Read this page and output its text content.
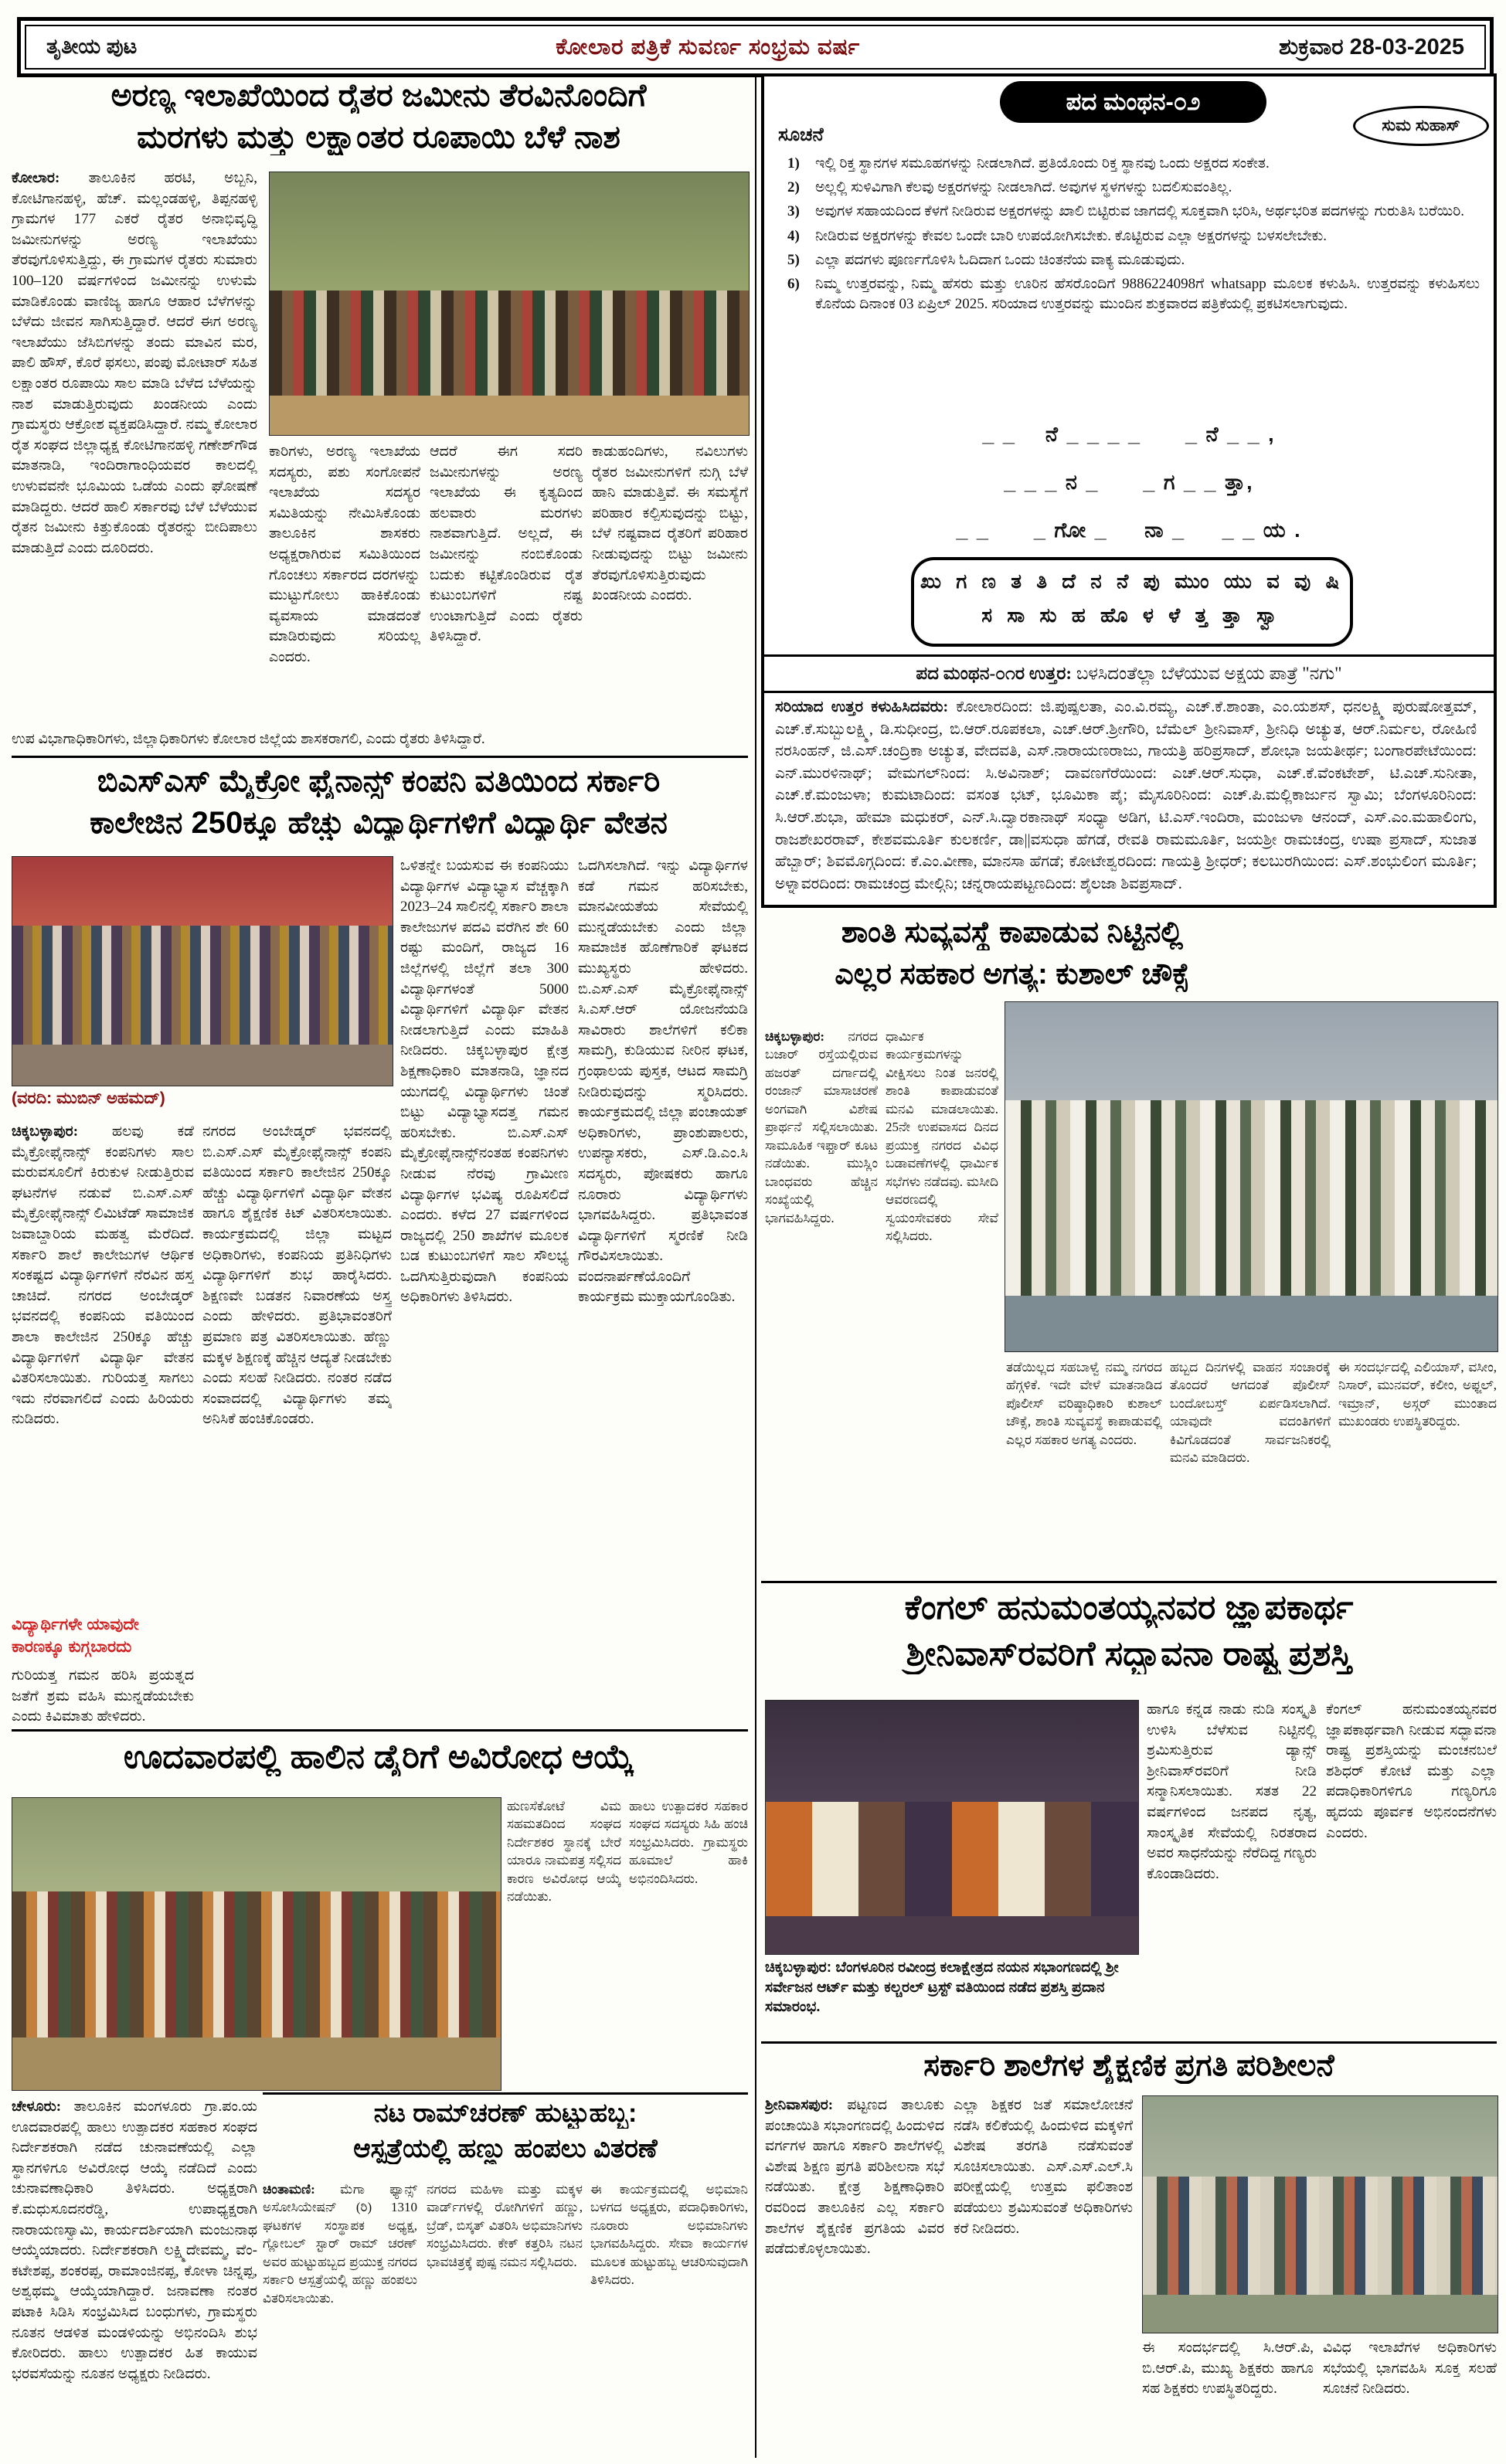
ತೃತೀಯ ಪುಟ	ಕೋಲಾರ ಪತ್ರಿಕೆ ಸುವರ್ಣ ಸಂಭ್ರಮ ವರ್ಷ	ಶುಕ್ರವಾರ 28-03-2025
ಅರಣ್ಯ ಇಲಾಖೆಯಿಂದ ರೈತರ ಜಮೀನು ತೆರವಿನೊಂದಿಗೆ
ಮರಗಳು ಮತ್ತು ಲಕ್ಷಾಂತರ ರೂಪಾಯಿ ಬೆಳೆ ನಾಶ
ಕೋಲಾರ: ತಾಲೂಕಿನ ಹರಟಿ, ಅಬ್ಬನಿ, ಕೋಟಿಗಾನಹಳ್ಳಿ, ಹೆಚ್. ಮಲ್ಲಂಡಹಳ್ಳಿ, ತಿಪ್ಪನಹಳ್ಳಿ ಗ್ರಾಮಗಳ 177 ಎಕರೆ ರೈತರ ಅನಾಭಿವೃದ್ಧಿ ಜಮೀನುಗಳನ್ನು ಅರಣ್ಯ ಇಲಾಖೆಯು ತೆರವುಗೊಳಿಸುತ್ತಿದ್ದು, ಈ ಗ್ರಾಮಗಳ ರೈತರು ಸುಮಾರು 100–120 ವರ್ಷಗಳಿಂದ ಜಮೀನನ್ನು ಉಳುಮೆ ಮಾಡಿಕೊಂಡು ವಾಣಿಜ್ಯ ಹಾಗೂ ಆಹಾರ ಬೆಳೆಗಳನ್ನು ಬೆಳೆದು ಜೀವನ ಸಾಗಿಸುತ್ತಿದ್ದಾರೆ. ಆದರೆ ಈಗ ಅರಣ್ಯ ಇಲಾಖೆಯು ಜೆಸಿಬಿಗಳನ್ನು ತಂದು ಮಾವಿನ ಮರ, ಪಾಲಿ ಹೌಸ್, ಕೊರೆ ಫಸಲು, ಪಂಪು ಮೋಟಾರ್ ಸಹಿತ ಲಕ್ಷಾಂತರ ರೂಪಾಯಿ ಸಾಲ ಮಾಡಿ ಬೆಳೆದ ಬೆಳೆಯನ್ನು ನಾಶ ಮಾಡುತ್ತಿರುವುದು ಖಂಡನೀಯ ಎಂದು ಗ್ರಾಮಸ್ಥರು ಆಕ್ರೋಶ ವ್ಯಕ್ತಪಡಿಸಿದ್ದಾರೆ. ನಮ್ಮ ಕೋಲಾರ ರೈತ ಸಂಘದ ಜಿಲ್ಲಾಧ್ಯಕ್ಷ ಕೋಟಿಗಾನಹಳ್ಳಿ ಗಣೇಶ್‌ಗೌಡ ಮಾತನಾಡಿ, ಇಂದಿರಾಗಾಂಧಿಯವರ ಕಾಲದಲ್ಲಿ ಉಳುವವನೇ ಭೂಮಿಯ ಒಡೆಯ ಎಂದು ಘೋಷಣೆ ಮಾಡಿದ್ದರು. ಆದರೆ ಹಾಲಿ ಸರ್ಕಾರವು ಬೆಳೆ ಬೆಳೆಯುವ ರೈತನ ಜಮೀನು ಕಿತ್ತುಕೊಂಡು ರೈತರನ್ನು ಬೀದಿಪಾಲು ಮಾಡುತ್ತಿದೆ ಎಂದು ದೂರಿದರು.
ಕಾರಿಗಳು, ಅರಣ್ಯ ಇಲಾಖೆಯ ಸದಸ್ಯರು, ಪಶು ಸಂಗೋಪನೆ ಇಲಾಖೆಯ ಸದಸ್ಯರ ಸಮಿತಿಯನ್ನು ನೇಮಿಸಿಕೊಂಡು ತಾಲೂಕಿನ ಶಾಸಕರು ಅಧ್ಯಕ್ಷರಾಗಿರುವ ಸಮಿತಿಯಿಂದ ಗೊಂಚಲು ಸರ್ಕಾರದ ದರಗಳನ್ನು ಮುಟ್ಟುಗೋಲು ಹಾಕಿಕೊಂಡು ವ್ಯವಸಾಯ ಮಾಡದಂತೆ ಮಾಡಿರುವುದು ಸರಿಯಲ್ಲ ಎಂದರು.
ಆದರೆ ಈಗ ಸದರಿ ಜಮೀನುಗಳನ್ನು ಅರಣ್ಯ ಇಲಾಖೆಯ ಈ ಕೃತ್ಯದಿಂದ ಹಲವಾರು ಮರಗಳು ನಾಶವಾಗುತ್ತಿದೆ. ಅಲ್ಲದೆ, ಈ ಜಮೀನನ್ನು ನಂಬಿಕೊಂಡು ಬದುಕು ಕಟ್ಟಿಕೊಂಡಿರುವ ರೈತ ಕುಟುಂಬಗಳಿಗೆ ನಷ್ಟ ಉಂಟಾಗುತ್ತಿದೆ ಎಂದು ರೈತರು ತಿಳಿಸಿದ್ದಾರೆ.
ಕಾಡುಹಂದಿಗಳು, ನವಿಲುಗಳು ರೈತರ ಜಮೀನುಗಳಿಗೆ ನುಗ್ಗಿ ಬೆಳೆ ಹಾನಿ ಮಾಡುತ್ತಿವೆ. ಈ ಸಮಸ್ಯೆಗೆ ಪರಿಹಾರ ಕಲ್ಪಿಸುವುದನ್ನು ಬಿಟ್ಟು, ಬೆಳೆ ನಷ್ಟವಾದ ರೈತರಿಗೆ ಪರಿಹಾರ ನೀಡುವುದನ್ನು ಬಿಟ್ಟು ಜಮೀನು ತೆರವುಗೊಳಿಸುತ್ತಿರುವುದು ಖಂಡನೀಯ ಎಂದರು.
ಉಪ ವಿಭಾಗಾಧಿಕಾರಿಗಳು, ಜಿಲ್ಲಾಧಿಕಾರಿಗಳು ಕೋಲಾರ ಜಿಲ್ಲೆಯ ಶಾಸಕರಾಗಲಿ, ಎಂದು ರೈತರು ತಿಳಿಸಿದ್ದಾರೆ.
ಬಿಎಸ್‌ಎಸ್ ಮೈಕ್ರೋ ಫೈನಾನ್ಸ್ ಕಂಪನಿ ವತಿಯಿಂದ ಸರ್ಕಾರಿ
ಕಾಲೇಜಿನ 250ಕ್ಕೂ ಹೆಚ್ಚು ವಿದ್ಯಾರ್ಥಿಗಳಿಗೆ ವಿದ್ಯಾರ್ಥಿ ವೇತನ
(ವರದಿ: ಮುಬಿನ್ ಅಹಮದ್)
ಚಿಕ್ಕಬಳ್ಳಾಪುರ: ಹಲವು ಕಡೆ ಮೈಕ್ರೋಫೈನಾನ್ಸ್ ಕಂಪನಿಗಳು ಸಾಲ ಮರುವಸೂಲಿಗೆ ಕಿರುಕುಳ ನೀಡುತ್ತಿರುವ ಘಟನೆಗಳ ನಡುವೆ ಬಿ.ಎಸ್.ಎಸ್ ಮೈಕ್ರೋಫೈನಾನ್ಸ್ ಲಿಮಿಟೆಡ್ ಸಾಮಾಜಿಕ ಜವಾಬ್ದಾರಿಯ ಮಹತ್ವ ಮೆರೆದಿದೆ. ಸರ್ಕಾರಿ ಶಾಲೆ ಕಾಲೇಜುಗಳ ಆರ್ಥಿಕ ಸಂಕಷ್ಟದ ವಿದ್ಯಾರ್ಥಿಗಳಿಗೆ ನೆರವಿನ ಹಸ್ತ ಚಾಚಿದೆ. ನಗರದ ಅಂಬೇಡ್ಕರ್ ಭವನದಲ್ಲಿ ಕಂಪನಿಯ ವತಿಯಿಂದ ಶಾಲಾ ಕಾಲೇಜಿನ 250ಕ್ಕೂ ಹೆಚ್ಚು ವಿದ್ಯಾರ್ಥಿಗಳಿಗೆ ವಿದ್ಯಾರ್ಥಿ ವೇತನ ವಿತರಿಸಲಾಯಿತು. ಗುರಿಯತ್ತ ಸಾಗಲು ಇದು ನೆರವಾಗಲಿದೆ ಎಂದು ಹಿರಿಯರು ನುಡಿದರು.
ನಗರದ ಅಂಬೇಡ್ಕರ್ ಭವನದಲ್ಲಿ ಬಿ.ಎಸ್.ಎಸ್ ಮೈಕ್ರೋಫೈನಾನ್ಸ್ ಕಂಪನಿ ವತಿಯಿಂದ ಸರ್ಕಾರಿ ಕಾಲೇಜಿನ 250ಕ್ಕೂ ಹೆಚ್ಚು ವಿದ್ಯಾರ್ಥಿಗಳಿಗೆ ವಿದ್ಯಾರ್ಥಿ ವೇತನ ಹಾಗೂ ಶೈಕ್ಷಣಿಕ ಕಿಟ್ ವಿತರಿಸಲಾಯಿತು. ಕಾರ್ಯಕ್ರಮದಲ್ಲಿ ಜಿಲ್ಲಾ ಮಟ್ಟದ ಅಧಿಕಾರಿಗಳು, ಕಂಪನಿಯ ಪ್ರತಿನಿಧಿಗಳು ವಿದ್ಯಾರ್ಥಿಗಳಿಗೆ ಶುಭ ಹಾರೈಸಿದರು. ಶಿಕ್ಷಣವೇ ಬಡತನ ನಿವಾರಣೆಯ ಅಸ್ತ್ರ ಎಂದು ಹೇಳಿದರು. ಪ್ರತಿಭಾವಂತರಿಗೆ ಪ್ರಮಾಣ ಪತ್ರ ವಿತರಿಸಲಾಯಿತು. ಹೆಣ್ಣು ಮಕ್ಕಳ ಶಿಕ್ಷಣಕ್ಕೆ ಹೆಚ್ಚಿನ ಆದ್ಯತೆ ನೀಡಬೇಕು ಎಂದು ಸಲಹೆ ನೀಡಿದರು. ನಂತರ ನಡೆದ ಸಂವಾದದಲ್ಲಿ ವಿದ್ಯಾರ್ಥಿಗಳು ತಮ್ಮ ಅನಿಸಿಕೆ ಹಂಚಿಕೊಂಡರು.
ಒಳಿತನ್ನೇ ಬಯಸುವ ಈ ಕಂಪನಿಯು ವಿದ್ಯಾರ್ಥಿಗಳ ವಿದ್ಯಾಭ್ಯಾಸ ವೆಚ್ಚಕ್ಕಾಗಿ 2023–24 ಸಾಲಿನಲ್ಲಿ ಸರ್ಕಾರಿ ಶಾಲಾ ಕಾಲೇಜುಗಳ ಪದವಿ ವರೆಗಿನ ಶೇ 60 ರಷ್ಟು ಮಂದಿಗೆ, ರಾಜ್ಯದ 16 ಜಿಲ್ಲೆಗಳಲ್ಲಿ ಜಿಲ್ಲೆಗೆ ತಲಾ 300 ವಿದ್ಯಾರ್ಥಿಗಳಂತೆ 5000 ವಿದ್ಯಾರ್ಥಿಗಳಿಗೆ ವಿದ್ಯಾರ್ಥಿ ವೇತನ ನೀಡಲಾಗುತ್ತಿದೆ ಎಂದು ಮಾಹಿತಿ ನೀಡಿದರು. ಚಿಕ್ಕಬಳ್ಳಾಪುರ ಕ್ಷೇತ್ರ ಶಿಕ್ಷಣಾಧಿಕಾರಿ ಮಾತನಾಡಿ, ಜ್ಞಾನದ ಯುಗದಲ್ಲಿ ವಿದ್ಯಾರ್ಥಿಗಳು ಚಿಂತೆ ಬಿಟ್ಟು ವಿದ್ಯಾಭ್ಯಾಸದತ್ತ ಗಮನ ಹರಿಸಬೇಕು. ಬಿ.ಎಸ್.ಎಸ್ ಮೈಕ್ರೋಫೈನಾನ್ಸ್‌ನಂತಹ ಕಂಪನಿಗಳು ನೀಡುವ ನೆರವು ಗ್ರಾಮೀಣ ವಿದ್ಯಾರ್ಥಿಗಳ ಭವಿಷ್ಯ ರೂಪಿಸಲಿದೆ ಎಂದರು. ಕಳೆದ 27 ವರ್ಷಗಳಿಂದ ರಾಜ್ಯದಲ್ಲಿ 250 ಶಾಖೆಗಳ ಮೂಲಕ ಬಡ ಕುಟುಂಬಗಳಿಗೆ ಸಾಲ ಸೌಲಭ್ಯ ಒದಗಿಸುತ್ತಿರುವುದಾಗಿ ಕಂಪನಿಯ ಅಧಿಕಾರಿಗಳು ತಿಳಿಸಿದರು.
ಒದಗಿಸಲಾಗಿದೆ. ಇನ್ನು ವಿದ್ಯಾರ್ಥಿಗಳ ಕಡೆ ಗಮನ ಹರಿಸಬೇಕು, ಮಾನವೀಯತೆಯ ಸೇವೆಯಲ್ಲಿ ಮುನ್ನಡೆಯಬೇಕು ಎಂದು ಜಿಲ್ಲಾ ಸಾಮಾಜಿಕ ಹೊಣೆಗಾರಿಕೆ ಘಟಕದ ಮುಖ್ಯಸ್ಥರು ಹೇಳಿದರು. ಬಿ.ಎಸ್.ಎಸ್ ಮೈಕ್ರೋಫೈನಾನ್ಸ್ ಸಿ.ಎಸ್.ಆರ್ ಯೋಜನೆಯಡಿ ಸಾವಿರಾರು ಶಾಲೆಗಳಿಗೆ ಕಲಿಕಾ ಸಾಮಗ್ರಿ, ಕುಡಿಯುವ ನೀರಿನ ಘಟಕ, ಗ್ರಂಥಾಲಯ ಪುಸ್ತಕ, ಆಟದ ಸಾಮಗ್ರಿ ನೀಡಿರುವುದನ್ನು ಸ್ಮರಿಸಿದರು. ಕಾರ್ಯಕ್ರಮದಲ್ಲಿ ಜಿಲ್ಲಾ ಪಂಚಾಯತ್ ಅಧಿಕಾರಿಗಳು, ಪ್ರಾಂಶುಪಾಲರು, ಉಪನ್ಯಾಸಕರು, ಎಸ್.ಡಿ.ಎಂ.ಸಿ ಸದಸ್ಯರು, ಪೋಷಕರು ಹಾಗೂ ನೂರಾರು ವಿದ್ಯಾರ್ಥಿಗಳು ಭಾಗವಹಿಸಿದ್ದರು. ಪ್ರತಿಭಾವಂತ ವಿದ್ಯಾರ್ಥಿಗಳಿಗೆ ಸ್ಮರಣಿಕೆ ನೀಡಿ ಗೌರವಿಸಲಾಯಿತು. ವಂದನಾರ್ಪಣೆಯೊಂದಿಗೆ ಕಾರ್ಯಕ್ರಮ ಮುಕ್ತಾಯಗೊಂಡಿತು.
ವಿದ್ಯಾರ್ಥಿಗಳೇ ಯಾವುದೇ
ಕಾರಣಕ್ಕೂ ಕುಗ್ಗಬಾರದು
ಗುರಿಯತ್ತ ಗಮನ ಹರಿಸಿ ಪ್ರಯತ್ನದ ಜತೆಗೆ ಶ್ರಮ ವಹಿಸಿ ಮುನ್ನಡೆಯಬೇಕು ಎಂದು ಕಿವಿಮಾತು ಹೇಳಿದರು.
ಊದವಾರಪಲ್ಲಿ ಹಾಲಿನ ಡೈರಿಗೆ ಅವಿರೋಧ ಆಯ್ಕೆ
ಹುಣಸೆಕೋಟೆ ವಿಮ ಸಹಮತದಿಂದ ಸಂಘದ ನಿರ್ದೇಶಕರ ಸ್ಥಾನಕ್ಕೆ ಬೇರೆ ಯಾರೂ ನಾಮಪತ್ರ ಸಲ್ಲಿಸದ ಕಾರಣ ಅವಿರೋಧ ಆಯ್ಕೆ ನಡೆಯಿತು.
ಹಾಲು ಉತ್ಪಾದಕರ ಸಹಕಾರ ಸಂಘದ ಸದಸ್ಯರು ಸಿಹಿ ಹಂಚಿ ಸಂಭ್ರಮಿಸಿದರು. ಗ್ರಾಮಸ್ಥರು ಹೂಮಾಲೆ ಹಾಕಿ ಅಭಿನಂದಿಸಿದರು.
ಚೇಳೂರು: ತಾಲೂಕಿನ ಮಂಗಳೂರು ಗ್ರಾ.ಪಂ.ಯ ಊದವಾರಪಲ್ಲಿ ಹಾಲು ಉತ್ಪಾದಕರ ಸಹಕಾರ ಸಂಘದ ನಿರ್ದೇಶಕರಾಗಿ ನಡೆದ ಚುನಾವಣೆಯಲ್ಲಿ ಎಲ್ಲಾ ಸ್ಥಾನಗಳಿಗೂ ಅವಿರೋಧ ಆಯ್ಕೆ ನಡೆದಿದೆ ಎಂದು ಚುನಾವಣಾಧಿಕಾರಿ ತಿಳಿಸಿದರು. ಅಧ್ಯಕ್ಷರಾಗಿ ಕೆ.ಮಧುಸೂದನರೆಡ್ಡಿ, ಉಪಾಧ್ಯಕ್ಷರಾಗಿ ನಾರಾಯಣಸ್ವಾಮಿ, ಕಾರ್ಯದರ್ಶಿಯಾಗಿ ಮಂಜುನಾಥ ಆಯ್ಕೆಯಾದರು. ನಿರ್ದೇಶಕರಾಗಿ ಲಕ್ಷ್ಮಿದೇವಮ್ಮ, ವೆಂಕಟೇಶಪ್ಪ, ಶಂಕರಪ್ಪ, ರಾಮಾಂಜಿನಪ್ಪ, ಕೋಳಾ ಚಿನ್ನಪ್ಪ, ಅಶ್ವಥಮ್ಮ ಆಯ್ಕೆಯಾಗಿದ್ದಾರೆ. ಜನಾವಣಾ ನಂತರ ಪಟಾಕಿ ಸಿಡಿಸಿ ಸಂಭ್ರಮಿಸಿದ ಬಂಧುಗಳು, ಗ್ರಾಮಸ್ಥರು ನೂತನ ಆಡಳಿತ ಮಂಡಳಿಯನ್ನು ಅಭಿನಂದಿಸಿ ಶುಭ ಕೋರಿದರು. ಹಾಲು ಉತ್ಪಾದಕರ ಹಿತ ಕಾಯುವ ಭರವಸೆಯನ್ನು ನೂತನ ಅಧ್ಯಕ್ಷರು ನೀಡಿದರು.
ನಟ ರಾಮ್‌ಚರಣ್ ಹುಟ್ಟುಹಬ್ಬ:
ಆಸ್ಪತ್ರೆಯಲ್ಲಿ ಹಣ್ಣು ಹಂಪಲು ವಿತರಣೆ
ಚಿಂತಾಮಣಿ: ಮೆಗಾ ಫ್ಯಾನ್ಸ್ ಅಸೋಸಿಯೇಷನ್ (ರಿ) 1310 ಘಟಕಗಳ ಸಂಸ್ಥಾಪಕ ಅಧ್ಯಕ್ಷ, ಗ್ಲೋಬಲ್ ಸ್ಟಾರ್ ರಾಮ್ ಚರಣ್ ಅವರ ಹುಟ್ಟುಹಬ್ಬದ ಪ್ರಯುಕ್ತ ನಗರದ ಸರ್ಕಾರಿ ಆಸ್ಪತ್ರೆಯಲ್ಲಿ ಹಣ್ಣು ಹಂಪಲು ವಿತರಿಸಲಾಯಿತು.
ನಗರದ ಮಹಿಳಾ ಮತ್ತು ಮಕ್ಕಳ ವಾರ್ಡ್‌ಗಳಲ್ಲಿ ರೋಗಿಗಳಿಗೆ ಹಣ್ಣು, ಬ್ರೆಡ್, ಬಿಸ್ಕತ್ ವಿತರಿಸಿ ಅಭಿಮಾನಿಗಳು ಸಂಭ್ರಮಿಸಿದರು. ಕೇಕ್ ಕತ್ತರಿಸಿ ನಟನ ಭಾವಚಿತ್ರಕ್ಕೆ ಪುಷ್ಪ ನಮನ ಸಲ್ಲಿಸಿದರು.
ಈ ಕಾರ್ಯಕ್ರಮದಲ್ಲಿ ಅಭಿಮಾನಿ ಬಳಗದ ಅಧ್ಯಕ್ಷರು, ಪದಾಧಿಕಾರಿಗಳು, ನೂರಾರು ಅಭಿಮಾನಿಗಳು ಭಾಗವಹಿಸಿದ್ದರು. ಸೇವಾ ಕಾರ್ಯಗಳ ಮೂಲಕ ಹುಟ್ಟುಹಬ್ಬ ಆಚರಿಸುವುದಾಗಿ ತಿಳಿಸಿದರು.
ಪದ ಮಂಥನ-೦೨
ಸುಮ ಸುಹಾಸ್
ಸೂಚನೆ
1)	ಇಲ್ಲಿ ರಿಕ್ತ ಸ್ಥಾನಗಳ ಸಮೂಹಗಳನ್ನು ನೀಡಲಾಗಿದೆ. ಪ್ರತಿಯೊಂದು ರಿಕ್ತ ಸ್ಥಾನವು ಒಂದು ಅಕ್ಷರದ ಸಂಕೇತ.
2)	ಅಲ್ಲಲ್ಲಿ ಸುಳಿವಿಗಾಗಿ ಕೆಲವು ಅಕ್ಷರಗಳನ್ನು ನೀಡಲಾಗಿದೆ. ಅವುಗಳ ಸ್ಥಳಗಳನ್ನು ಬದಲಿಸುವಂತಿಲ್ಲ.
3)	ಅವುಗಳ ಸಹಾಯದಿಂದ ಕೆಳಗೆ ನೀಡಿರುವ ಅಕ್ಷರಗಳನ್ನು ಖಾಲಿ ಬಿಟ್ಟಿರುವ ಜಾಗದಲ್ಲಿ ಸೂಕ್ತವಾಗಿ ಭರಿಸಿ, ಅರ್ಥಭರಿತ ಪದಗಳನ್ನು ಗುರುತಿಸಿ ಬರೆಯಿರಿ.
4)	ನೀಡಿರುವ ಅಕ್ಷರಗಳನ್ನು ಕೇವಲ ಒಂದೇ ಬಾರಿ ಉಪಯೋಗಿಸಬೇಕು. ಕೊಟ್ಟಿರುವ ಎಲ್ಲಾ ಅಕ್ಷರಗಳನ್ನು ಬಳಸಲೇಬೇಕು.
5)	ಎಲ್ಲಾ ಪದಗಳು ಪೂರ್ಣಗೊಳಿಸಿ ಓದಿದಾಗ ಒಂದು ಚಿಂತನೆಯ ವಾಕ್ಯ ಮೂಡುವುದು.
6)	ನಿಮ್ಮ ಉತ್ತರವನ್ನು, ನಿಮ್ಮ ಹೆಸರು ಮತ್ತು ಊರಿನ ಹೆಸರೊಂದಿಗೆ 9886224098ಗೆ whatsapp ಮೂಲಕ ಕಳುಹಿಸಿ. ಉತ್ತರವನ್ನು ಕಳುಹಿಸಲು ಕೊನೆಯ ದಿನಾಂಕ 03 ಏಪ್ರಿಲ್ 2025. ಸರಿಯಾದ ಉತ್ತರವನ್ನು ಮುಂದಿನ ಶುಕ್ರವಾರದ ಪತ್ರಿಕೆಯಲ್ಲಿ ಪ್ರಕಟಿಸಲಾಗುವುದು.
_ _    ನೆ _ _ _ _      _ ನೆ _ _ ,
_ _ _ ನ _      _ ಗ _ _ ತ್ತಾ,
_ _      _ ಗೋ _     ನಾ _     _ _ ಯ .
ಖು ಗ ಣ ತ ತಿ ದೆ ನ ನೆ ಪು ಮುಂ ಯು ವ ವು ಷಿ
ಸ ಸಾ ಸು ಹ ಹೊ ಳ ಳೆ ತ್ತ ತ್ತಾ ಸ್ವಾ
ಪದ ಮಂಥನ-೦೧ರ ಉತ್ತರ:
ಬಳಸಿದಂತೆಲ್ಲಾ ಬೆಳೆಯುವ ಅಕ್ಷಯ ಪಾತ್ರೆ "ನಗು"
ಸರಿಯಾದ ಉತ್ತರ ಕಳುಹಿಸಿದವರು: ಕೋಲಾರದಿಂದ: ಜಿ.ಪುಷ್ಪಲತಾ, ಎಂ.ವಿ.ರಮ್ಯ, ಎಚ್.ಕೆ.ಶಾಂತಾ, ಎಂ.ಯಶಸ್, ಧನಲಕ್ಷ್ಮಿ ಪುರುಷೋತ್ತಮ್, ಎಚ್.ಕೆ.ಸುಬ್ಬುಲಕ್ಷ್ಮಿ, ಡಿ.ಸುಧೀಂದ್ರ, ಬಿ.ಆರ್.ರೂಪಕಲಾ, ಎಚ್.ಆರ್.ಶ್ರೀಗೌರಿ, ಬೆಮೆಲ್ ಶ್ರೀನಿವಾಸ್, ಶ್ರೀನಿಧಿ ಅಚ್ಯುತ, ಆರ್.ನಿರ್ಮಲ, ರೋಹಿಣಿ ನರಸಿಂಹನ್, ಜಿ.ಎಸ್.ಚಂದ್ರಿಕಾ ಅಚ್ಯುತ, ವೇದವತಿ, ಎಸ್.ನಾರಾಯಣರಾಜು, ಗಾಯತ್ರಿ ಹರಿಪ್ರಸಾದ್, ಶೋಭಾ ಜಯತೀರ್ಥ; ಬಂಗಾರಪೇಟೆಯಿಂದ: ಎನ್.ಮುರಳಿನಾಥ್; ವೇಮಗಲ್‌ನಿಂದ: ಸಿ.ಅವಿನಾಶ್; ದಾವಣಗೆರೆಯಿಂದ: ಎಚ್.ಆರ್.ಸುಧಾ, ಎಚ್.ಕೆ.ವೆಂಕಟೇಶ್, ಟಿ.ಎಚ್.ಸುನೀತಾ, ಎಚ್.ಕೆ.ಮಂಜುಳಾ; ಕುಮಟಾದಿಂದ: ವಸಂತ ಭಟ್, ಭೂಮಿಕಾ ಪೈ; ಮೈಸೂರಿನಿಂದ: ಎಚ್.ಪಿ.ಮಲ್ಲಿಕಾರ್ಜುನ ಸ್ವಾಮಿ; ಬೆಂಗಳೂರಿನಿಂದ: ಸಿ.ಆರ್.ಶುಭಾ, ಹೇಮಾ ಮಧುಕರ್, ಎನ್.ಸಿ.ದ್ವಾರಕಾನಾಥ್ ಸಂಧ್ಯಾ ಅಡಿಗ, ಟಿ.ಎಸ್.ಇಂದಿರಾ, ಮಂಜುಳಾ ಆನಂದ್, ಎಸ್.ಎಂ.ಮಹಾಲಿಂಗು, ರಾಜಶೇಖರರಾವ್, ಕೇಶವಮೂರ್ತಿ ಕುಲಕರ್ಣಿ, ಡಾ||ವಸುಧಾ ಹೆಗಡೆ, ರೇವತಿ ರಾಮಮೂರ್ತಿ, ಜಯಶ್ರೀ ರಾಮಚಂದ್ರ, ಉಷಾ ಪ್ರಸಾದ್, ಸುಜಾತ ಹೆಬ್ಬಾರ್; ಶಿವಮೊಗ್ಗದಿಂದ: ಕೆ.ಎಂ.ವೀಣಾ, ಮಾನಸಾ ಹೆಗಡೆ; ಕೋಟೇಶ್ವರದಿಂದ: ಗಾಯತ್ರಿ ಶ್ರೀಧರ್; ಕಲಬುರಗಿಯಿಂದ: ಎಸ್.ಶಂಭುಲಿಂಗ ಮೂರ್ತಿ; ಅಳ್ನಾವರದಿಂದ: ರಾಮಚಂದ್ರ ಮೇಲ್ಗಿನಿ; ಚನ್ನರಾಯಪಟ್ಟಣದಿಂದ: ಶೈಲಜಾ ಶಿವಪ್ರಸಾದ್.
ಶಾಂತಿ ಸುವ್ಯವಸ್ಥೆ ಕಾಪಾಡುವ ನಿಟ್ಟಿನಲ್ಲಿ
ಎಲ್ಲರ ಸಹಕಾರ ಅಗತ್ಯ: ಕುಶಾಲ್ ಚೌಕ್ಸೆ
ಚಿಕ್ಕಬಳ್ಳಾಪುರ: ನಗರದ ಬಜಾರ್ ರಸ್ತೆಯಲ್ಲಿರುವ ಹಜರತ್ ದರ್ಗಾದಲ್ಲಿ ರಂಜಾನ್ ಮಾಸಾಚರಣೆ ಅಂಗವಾಗಿ ವಿಶೇಷ ಪ್ರಾರ್ಥನೆ ಸಲ್ಲಿಸಲಾಯಿತು. ಸಾಮೂಹಿಕ ಇಫ್ತಾರ್ ಕೂಟ ನಡೆಯಿತು. ಮುಸ್ಲಿಂ ಬಾಂಧವರು ಹೆಚ್ಚಿನ ಸಂಖ್ಯೆಯಲ್ಲಿ ಭಾಗವಹಿಸಿದ್ದರು.
ಧಾರ್ಮಿಕ ಕಾರ್ಯಕ್ರಮಗಳನ್ನು ವೀಕ್ಷಿಸಲು ನಿಂತ ಜನರಲ್ಲಿ ಶಾಂತಿ ಕಾಪಾಡುವಂತೆ ಮನವಿ ಮಾಡಲಾಯಿತು. 25ನೇ ಉಪವಾಸದ ದಿನದ ಪ್ರಯುಕ್ತ ನಗರದ ವಿವಿಧ ಬಡಾವಣೆಗಳಲ್ಲಿ ಧಾರ್ಮಿಕ ಸಭೆಗಳು ನಡೆದವು. ಮಸೀದಿ ಆವರಣದಲ್ಲಿ ಸ್ವಯಂಸೇವಕರು ಸೇವೆ ಸಲ್ಲಿಸಿದರು.
ತಡೆಯಿಲ್ಲದ ಸಹಬಾಳ್ವೆ ನಮ್ಮ ನಗರದ ಹೆಗ್ಗಳಿಕೆ. ಇದೇ ವೇಳೆ ಮಾತನಾಡಿದ ಪೊಲೀಸ್ ವರಿಷ್ಠಾಧಿಕಾರಿ ಕುಶಾಲ್ ಚೌಕ್ಸೆ, ಶಾಂತಿ ಸುವ್ಯವಸ್ಥೆ ಕಾಪಾಡುವಲ್ಲಿ ಎಲ್ಲರ ಸಹಕಾರ ಅಗತ್ಯ ಎಂದರು.
ಹಬ್ಬದ ದಿನಗಳಲ್ಲಿ ವಾಹನ ಸಂಚಾರಕ್ಕೆ ತೊಂದರೆ ಆಗದಂತೆ ಪೊಲೀಸ್ ಬಂದೋಬಸ್ತ್ ಏರ್ಪಡಿಸಲಾಗಿದೆ. ಯಾವುದೇ ವದಂತಿಗಳಿಗೆ ಕಿವಿಗೊಡದಂತೆ ಸಾರ್ವಜನಿಕರಲ್ಲಿ ಮನವಿ ಮಾಡಿದರು.
ಈ ಸಂದರ್ಭದಲ್ಲಿ ಎಲಿಯಾಸ್, ವಸೀಂ, ನಿಸಾರ್, ಮುನವರ್, ಕಲೀಂ, ಅಫ್ಜಲ್, ಇಮ್ರಾನ್, ಅಸ್ಗರ್ ಮುಂತಾದ ಮುಖಂಡರು ಉಪಸ್ಥಿತರಿದ್ದರು.
ಕೆಂಗಲ್ ಹನುಮಂತಯ್ಯನವರ ಜ್ಞಾಪಕಾರ್ಥ
ಶ್ರೀನಿವಾಸ್‌ರವರಿಗೆ ಸದ್ಭಾವನಾ ರಾಷ್ಟ್ರ ಪ್ರಶಸ್ತಿ
ಚಿಕ್ಕಬಳ್ಳಾಪುರ: ಬೆಂಗಳೂರಿನ ರವೀಂದ್ರ ಕಲಾಕ್ಷೇತ್ರದ ನಯನ ಸಭಾಂಗಣದಲ್ಲಿ ಶ್ರೀ ಸರ್ವೇಜನ ಆರ್ಟ್ ಮತ್ತು ಕಲ್ಚರಲ್ ಟ್ರಸ್ಟ್ ವತಿಯಿಂದ ನಡೆದ ಪ್ರಶಸ್ತಿ ಪ್ರದಾನ ಸಮಾರಂಭ.
ಹಾಗೂ ಕನ್ನಡ ನಾಡು ನುಡಿ ಸಂಸ್ಕೃತಿ ಉಳಿಸಿ ಬೆಳೆಸುವ ನಿಟ್ಟಿನಲ್ಲಿ ಶ್ರಮಿಸುತ್ತಿರುವ ಡ್ಯಾನ್ಸ್ ಶ್ರೀನಿವಾಸ್‌ರವರಿಗೆ ನೀಡಿ ಸನ್ಮಾನಿಸಲಾಯಿತು. ಸತತ 22 ವರ್ಷಗಳಿಂದ ಜನಪದ ನೃತ್ಯ, ಸಾಂಸ್ಕೃತಿಕ ಸೇವೆಯಲ್ಲಿ ನಿರತರಾದ ಅವರ ಸಾಧನೆಯನ್ನು ನೆರೆದಿದ್ದ ಗಣ್ಯರು ಕೊಂಡಾಡಿದರು.
ಕೆಂಗಲ್ ಹನುಮಂತಯ್ಯನವರ ಜ್ಞಾಪಕಾರ್ಥವಾಗಿ ನೀಡುವ ಸದ್ಭಾವನಾ ರಾಷ್ಟ್ರ ಪ್ರಶಸ್ತಿಯನ್ನು ಮಂಚನಬಲೆ ಶಶಿಧರ್ ಕೋಟೆ ಮತ್ತು ಎಲ್ಲಾ ಪದಾಧಿಕಾರಿಗಳಿಗೂ ಗಣ್ಯರಿಗೂ ಹೃದಯ ಪೂರ್ವಕ ಅಭಿನಂದನೆಗಳು ಎಂದರು.
ಸರ್ಕಾರಿ ಶಾಲೆಗಳ ಶೈಕ್ಷಣಿಕ ಪ್ರಗತಿ ಪರಿಶೀಲನೆ
ಶ್ರೀನಿವಾಸಪುರ: ಪಟ್ಟಣದ ತಾಲೂಕು ಪಂಚಾಯಿತಿ ಸಭಾಂಗಣದಲ್ಲಿ ಹಿಂದುಳಿದ ವರ್ಗಗಳ ಹಾಗೂ ಸರ್ಕಾರಿ ಶಾಲೆಗಳಲ್ಲಿ ವಿಶೇಷ ಶಿಕ್ಷಣ ಪ್ರಗತಿ ಪರಿಶೀಲನಾ ಸಭೆ ನಡೆಯಿತು. ಕ್ಷೇತ್ರ ಶಿಕ್ಷಣಾಧಿಕಾರಿ ರವರಿಂದ ತಾಲೂಕಿನ ಎಲ್ಲ ಸರ್ಕಾರಿ ಶಾಲೆಗಳ ಶೈಕ್ಷಣಿಕ ಪ್ರಗತಿಯ ವಿವರ ಪಡೆದುಕೊಳ್ಳಲಾಯಿತು.
ಎಲ್ಲಾ ಶಿಕ್ಷಕರ ಜತೆ ಸಮಾಲೋಚನೆ ನಡೆಸಿ ಕಲಿಕೆಯಲ್ಲಿ ಹಿಂದುಳಿದ ಮಕ್ಕಳಿಗೆ ವಿಶೇಷ ತರಗತಿ ನಡೆಸುವಂತೆ ಸೂಚಿಸಲಾಯಿತು. ಎಸ್.ಎಸ್.ಎಲ್.ಸಿ ಪರೀಕ್ಷೆಯಲ್ಲಿ ಉತ್ತಮ ಫಲಿತಾಂಶ ಪಡೆಯಲು ಶ್ರಮಿಸುವಂತೆ ಅಧಿಕಾರಿಗಳು ಕರೆ ನೀಡಿದರು.
ಈ ಸಂದರ್ಭದಲ್ಲಿ ಸಿ.ಆರ್.ಪಿ, ಬಿ.ಆರ್.ಪಿ, ಮುಖ್ಯ ಶಿಕ್ಷಕರು ಹಾಗೂ ಸಹ ಶಿಕ್ಷಕರು ಉಪಸ್ಥಿತರಿದ್ದರು.
ವಿವಿಧ ಇಲಾಖೆಗಳ ಅಧಿಕಾರಿಗಳು ಸಭೆಯಲ್ಲಿ ಭಾಗವಹಿಸಿ ಸೂಕ್ತ ಸಲಹೆ ಸೂಚನೆ ನೀಡಿದರು.
